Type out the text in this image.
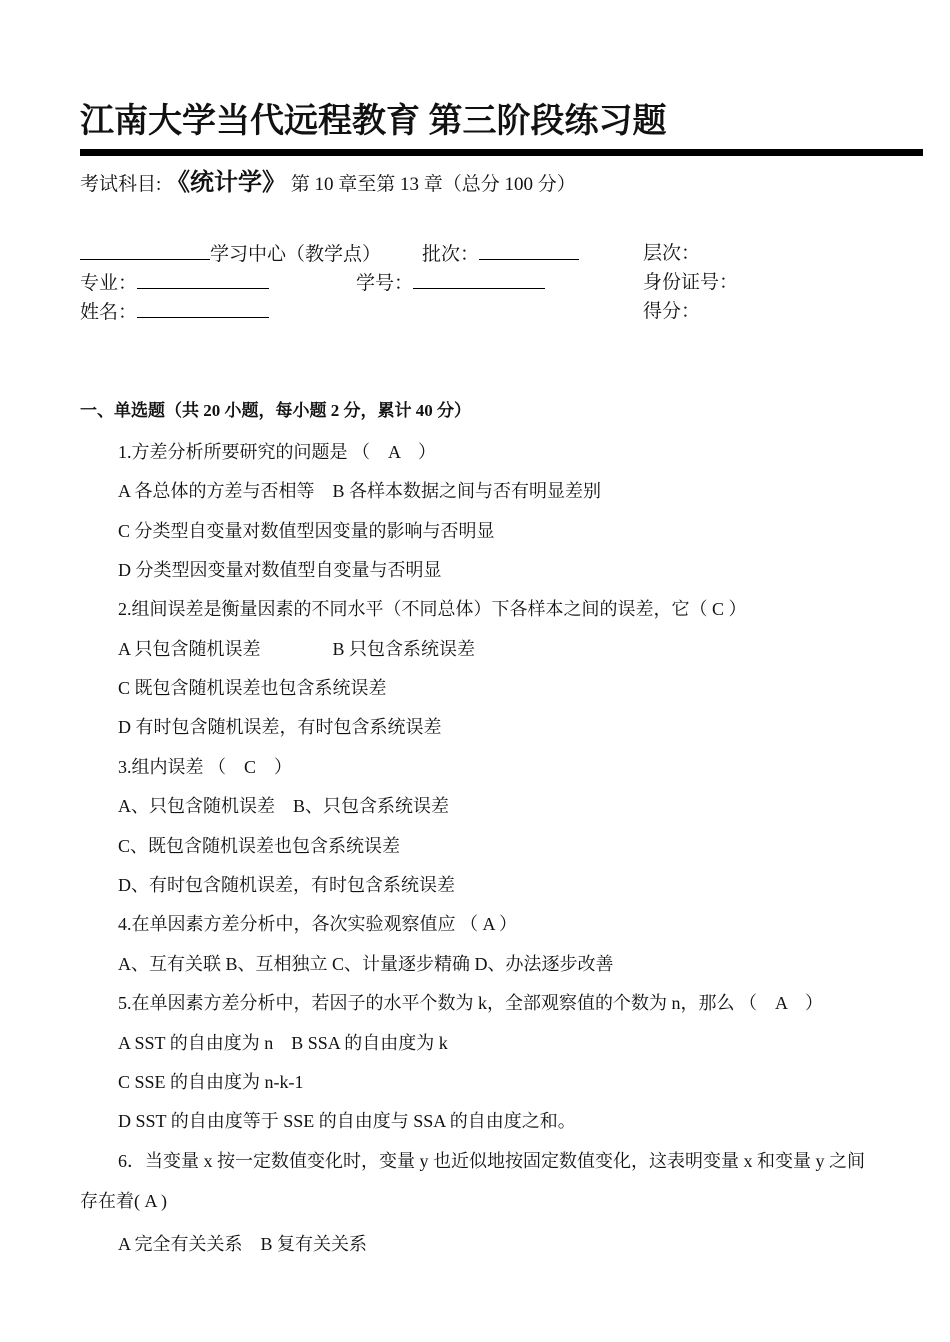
江南大学当代远程教育 第三阶段练习题
考试科目: 《统计学》 第 10 章至第 13 章（总分 100 分）
学习中心（教学点） 批次：	层次：
专业：	学号：	身份证号：
姓名：	得分：
一、单选题（共 20 小题，每小题 2 分，累计 40 分）
1.方差分析所要研究的问题是 （　A　）
A 各总体的方差与否相等　B 各样本数据之间与否有明显差别
C 分类型自变量对数值型因变量的影响与否明显
D 分类型因变量对数值型自变量与否明显
2.组间误差是衡量因素的不同水平（不同总体）下各样本之间的误差，它（ C ）
A 只包含随机误差　　　　B 只包含系统误差
C 既包含随机误差也包含系统误差
D 有时包含随机误差，有时包含系统误差
3.组内误差 （　C　）
A、只包含随机误差　B、只包含系统误差
C、既包含随机误差也包含系统误差
D、有时包含随机误差，有时包含系统误差
4.在单因素方差分析中，各次实验观察值应 （ A ）
A、互有关联 B、互相独立 C、计量逐步精确 D、办法逐步改善
5.在单因素方差分析中，若因子的水平个数为 k，全部观察值的个数为 n，那么 （　A　）
A SST 的自由度为 n　B SSA 的自由度为 k
C SSE 的自由度为 n-k-1
D SST 的自由度等于 SSE 的自由度与 SSA 的自由度之和。
6．当变量 x 按一定数值变化时，变量 y 也近似地按固定数值变化，这表明变量 x 和变量 y 之间存在着( A )
A 完全有关关系　B 复有关关系
